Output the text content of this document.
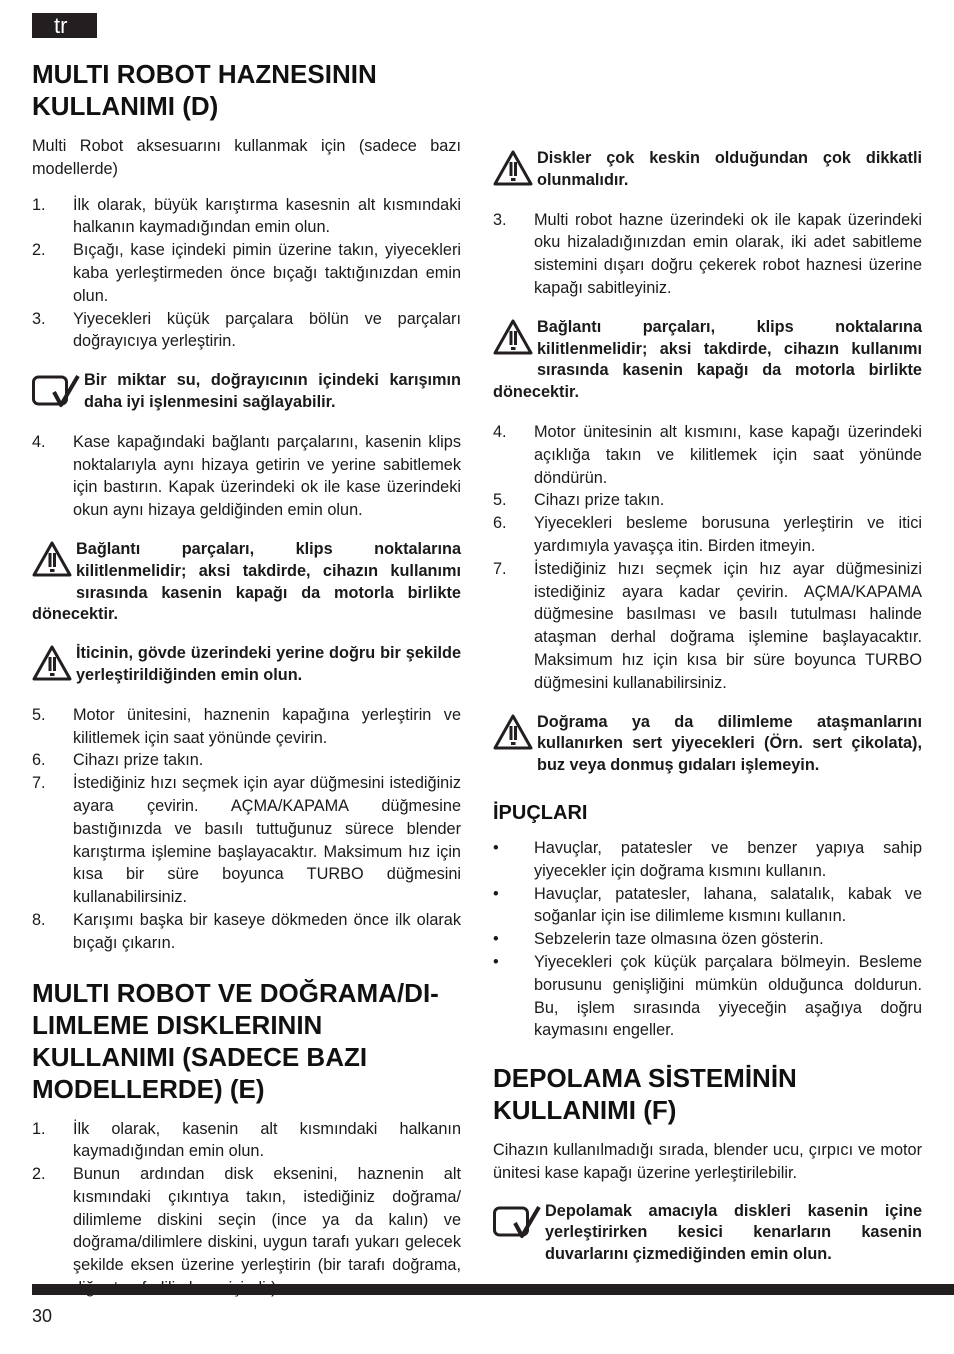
tr
MULTI ROBOT HAZNESININ KULLANIMI (D)

Multi Robot aksesuarını kullanmak için (sadece bazı modellerde)

1. İlk olarak, büyük karıştırma kasesnin alt kısmındaki halkanın kaymadığından emin olun.
2. Bıçağı, kase içindeki pimin üzerine takın, yiyecekleri kaba yerleştirmeden önce bıçağı taktığınızdan emin olun.
3. Yiyecekleri küçük parçalara bölün ve parçaları doğrayıcıya yerleştirin.
Bir miktar su, doğrayıcının içindeki karışımın daha iyi işlenmesini sağlayabilir.
4. Kase kapağındaki bağlantı parçalarını, kasenin klips noktalarıyla aynı hizaya getirin ve yerine sabitlemek için bastırın. Kapak üzerindeki ok ile kase üzerindeki okun aynı hizaya geldiğinden emin olun.
Bağlantı parçaları, klips noktalarına kilitlenmelidir; aksi takdirde, cihazın kullanımı sırasında kasenin kapağı da motorla birlikte dönecektir.
İticinin, gövde üzerindeki yerine doğru bir şekilde yerleştirildiğinden emin olun.
5. Motor ünitesini, haznenin kapağına yerleştirin ve kilitlemek için saat yönünde çevirin.
6. Cihazı prize takın.
7. İstediğiniz hızı seçmek için ayar düğmesini istediğiniz ayara çevirin. AÇMA/KAPAMA düğmesine bastığınızda ve basılı tuttuğunuz sürece blender karıştırma işlemine başlayacaktır. Maksimum hız için kısa bir süre boyunca TURBO düğmesini kullanabilirsiniz.
8. Karışımı başka bir kaseye dökmeden önce ilk olarak bıçağı çıkarın.
MULTI ROBOT VE DOĞRAMA/DI-LIMLEME DISKLERININ KULLANIMI (SADECE BAZI MODELLERDE) (E)
1. İlk olarak, kasenin alt kısmındaki halkanın kaymadığından emin olun.
2. Bunun ardından disk eksenini, haznenin alt kısmındaki çıkıntıya takın, istediğiniz doğrama/ dilimleme diskini seçin (ince ya da kalın) ve doğrama/dilimlere diskini, uygun tarafı yukarı gelecek şekilde eksen üzerine yerleştirin (bir tarafı doğrama,
Diskler çok keskin olduğundan çok dikkatli olunmalıdır.
3. Multi robot hazne üzerindeki ok ile kapak üzerindeki oku hizaladığınızdan emin olarak, iki adet sabitleme sistemini dışarı doğru çekerek robot haznesi üzerine kapağı sabitleyiniz.
Bağlantı parçaları, klips noktalarına kilitlenmelidir; aksi takdirde, cihazın kullanımı sırasında kasenin kapağı da motorla birlikte dönecektir.
4. Motor ünitesinin alt kısmını, kase kapağı üzerindeki açıklığa takın ve kilitlemek için saat yönünde döndürün.
5. Cihazı prize takın.
6. Yiyecekleri besleme borusuna yerleştirin ve itici yardımıyla yavaşça itin. Birden itmeyin.
7. İstediğiniz hızı seçmek için hız ayar düğmesinizi istediğiniz ayara kadar çevirin. AÇMA/KAPAMA düğmesine basılması ve basılı tutulması halinde ataşman derhal doğrama işlemine başlayacaktır. Maksimum hız için kısa bir süre boyunca TURBO düğmesini kullanabilirsiniz.
Doğrama ya da dilimleme ataşmanlarını kullanırken sert yiyecekleri (Örn. sert çikolata), buz veya donmuş gıdaları işlemeyin.
İPUÇLARI
• Havuçlar, patatesler ve benzer yapıya sahip yiyecekler için doğrama kısmını kullanın.
• Havuçlar, patatesler, lahana, salatalık, kabak ve soğanlar için ise dilimleme kısmını kullanın.
• Sebzelerin taze olmasına özen gösterin.
• Yiyecekleri çok küçük parçalara bölmeyin. Besleme borusunu genişliğini mümkün olduğunca doldurun. Bu, işlem sırasında yiyeceğin aşağıya doğru kaymasını engeller.
DEPOLAMA SİSTEMİNİN KULLANIMI (F)

Cihazın kullanılmadığı sırada, blender ucu, çırpıcı ve motor ünitesi kase kapağı üzerine yerleştirilebilir.

Depolamak amacıyla diskleri kasenin içine yerleştirirken kesici kenarların kasenin duvarlarını çizmediğinden emin olun.
30
